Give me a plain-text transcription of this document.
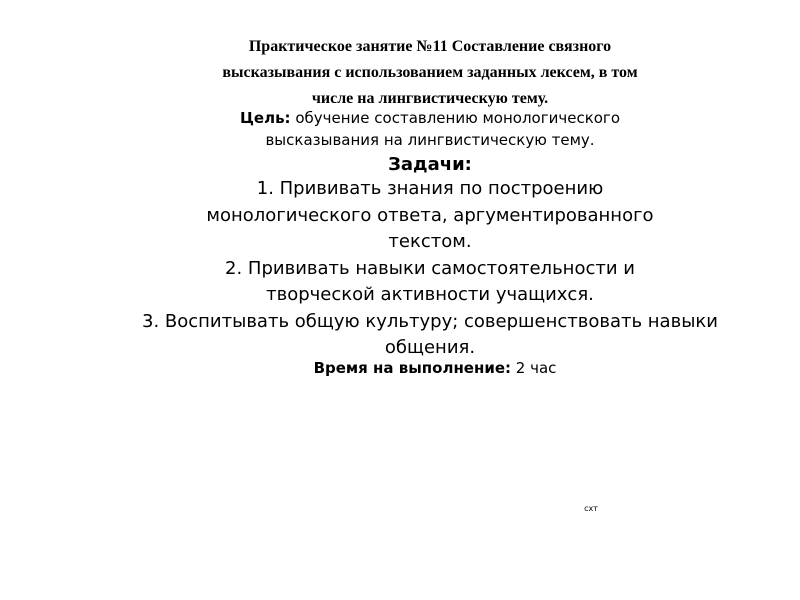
Практическое занятие №11 Составление связного
высказывания с использованием заданных лексем, в том
числе на лингвистическую тему.
Цель: обучение составлению монологического
высказывания на лингвистическую тему.
Задачи:
1. Прививать знания по построению монологического ответа, аргументированного текстом.
2. Прививать навыки самостоятельности и творческой активности учащихся.
3. Воспитывать общую культуру; совершенствовать навыки общения.
Время на выполнение: 2 час
схт
